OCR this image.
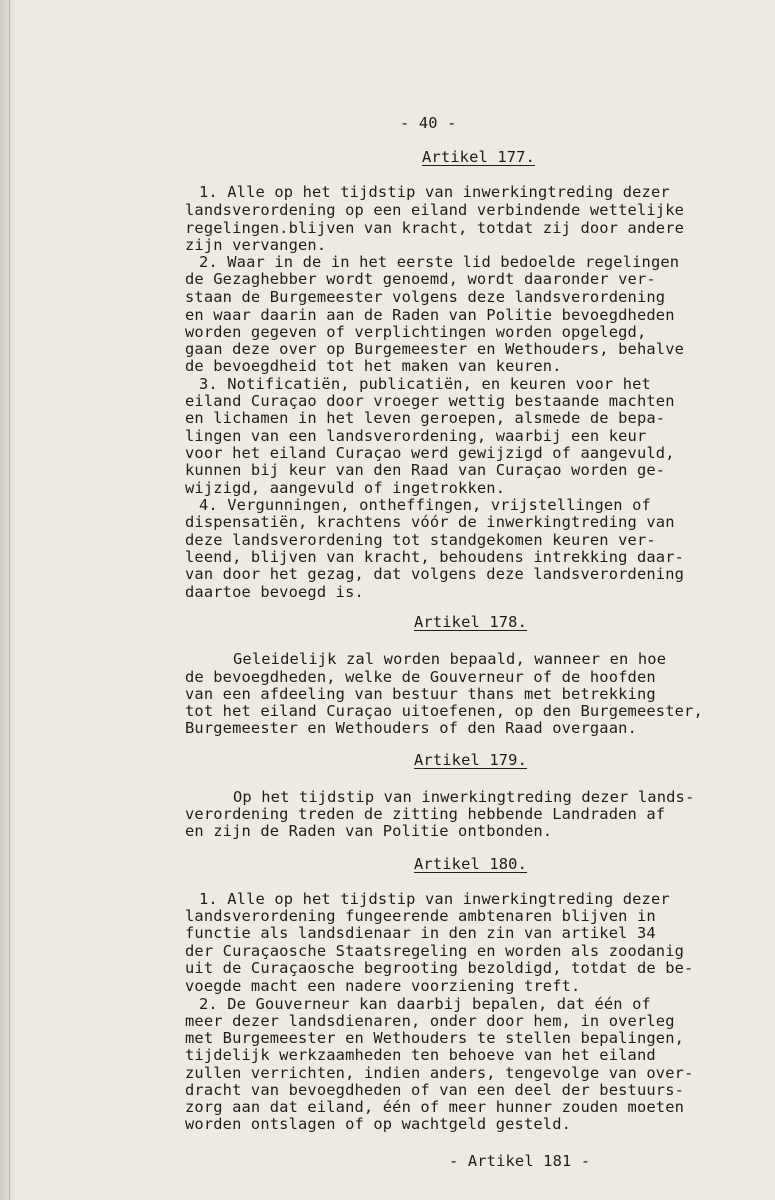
- 40 -
Artikel 177.
1. Alle op het tijdstip van inwerkingtreding dezer
landsverordening op een eiland verbindende wettelijke
regelingen.blijven van kracht, totdat zij door andere
zijn vervangen.
2. Waar in de in het eerste lid bedoelde regelingen
de Gezaghebber wordt genoemd, wordt daaronder ver-
staan de Burgemeester volgens deze landsverordening
en waar daarin aan de Raden van Politie bevoegdheden
worden gegeven of verplichtingen worden opgelegd,
gaan deze over op Burgemeester en Wethouders, behalve
de bevoegdheid tot het maken van keuren.
3. Notificatiën, publicatiën, en keuren voor het
eiland Curaçao door vroeger wettig bestaande machten
en lichamen in het leven geroepen, alsmede de bepa-
lingen van een landsverordening, waarbij een keur
voor het eiland Curaçao werd gewijzigd of aangevuld,
kunnen bij keur van den Raad van Curaçao worden ge-
wijzigd, aangevuld of ingetrokken.
4. Vergunningen, ontheffingen, vrijstellingen of
dispensatiën, krachtens vóór de inwerkingtreding van
deze landsverordening tot standgekomen keuren ver-
leend, blijven van kracht, behoudens intrekking daar-
van door het gezag, dat volgens deze landsverordening
daartoe bevoegd is.
Artikel 178.
Geleidelijk zal worden bepaald, wanneer en hoe
de bevoegdheden, welke de Gouverneur of de hoofden
van een afdeeling van bestuur thans met betrekking
tot het eiland Curaçao uitoefenen, op den Burgemeester,
Burgemeester en Wethouders of den Raad overgaan.
Artikel 179.
Op het tijdstip van inwerkingtreding dezer lands-
verordening treden de zitting hebbende Landraden af
en zijn de Raden van Politie ontbonden.
Artikel 180.
1. Alle op het tijdstip van inwerkingtreding dezer
landsverordening fungeerende ambtenaren blijven in
functie als landsdienaar in den zin van artikel 34
der Curaçaosche Staatsregeling en worden als zoodanig
uit de Curaçaosche begrooting bezoldigd, totdat de be-
voegde macht een nadere voorziening treft.
2. De Gouverneur kan daarbij bepalen, dat één of
meer dezer landsdienaren, onder door hem, in overleg
met Burgemeester en Wethouders te stellen bepalingen,
tijdelijk werkzaamheden ten behoeve van het eiland
zullen verrichten, indien anders, tengevolge van over-
dracht van bevoegdheden of van een deel der bestuurs-
zorg aan dat eiland, één of meer hunner zouden moeten
worden ontslagen of op wachtgeld gesteld.
- Artikel 181 -
